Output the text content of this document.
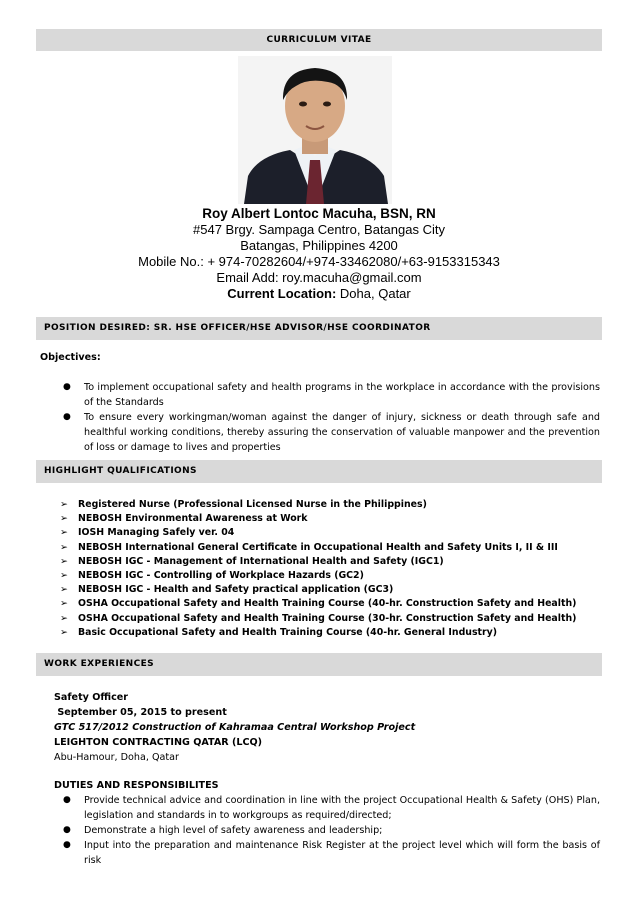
CURRICULUM VITAE
Roy Albert Lontoc Macuha, BSN, RN
#547 Brgy. Sampaga Centro, Batangas City
Batangas, Philippines 4200
Mobile No.: + 974-70282604/+974-33462080/+63-9153315343
Email Add: roy.macuha@gmail.com
Current Location: Doha, Qatar
POSITION DESIRED: SR. HSE OFFICER/HSE ADVISOR/HSE COORDINATOR
Objectives:
● To implement occupational safety and health programs in the workplace in accordance with the provisions of the Standards
● To ensure every workingman/woman against the danger of injury, sickness or death through safe and healthful working conditions, thereby assuring the conservation of valuable manpower and the prevention of loss or damage to lives and properties
HIGHLIGHT QUALIFICATIONS
➢ Registered Nurse (Professional Licensed Nurse in the Philippines)
➢ NEBOSH Environmental Awareness at Work
➢ IOSH Managing Safely ver. 04
➢ NEBOSH International General Certificate in Occupational Health and Safety Units I, II & III
➢ NEBOSH IGC - Management of International Health and Safety (IGC1)
➢ NEBOSH IGC - Controlling of Workplace Hazards (GC2)
➢ NEBOSH IGC - Health and Safety practical application (GC3)
➢ OSHA Occupational Safety and Health Training Course (40-hr. Construction Safety and Health)
➢ OSHA Occupational Safety and Health Training Course (30-hr. Construction Safety and Health)
➢ Basic Occupational Safety and Health Training Course (40-hr. General Industry)
WORK EXPERIENCES
Safety Officer
September 05, 2015 to present
GTC 517/2012 Construction of Kahramaa Central Workshop Project
LEIGHTON CONTRACTING QATAR (LCQ)
Abu-Hamour, Doha, Qatar
DUTIES AND RESPONSIBILITES
● Provide technical advice and coordination in line with the project Occupational Health & Safety (OHS) Plan, legislation and standards in to workgroups as required/directed;
● Demonstrate a high level of safety awareness and leadership;
● Input into the preparation and maintenance Risk Register at the project level which will form the basis of risk
